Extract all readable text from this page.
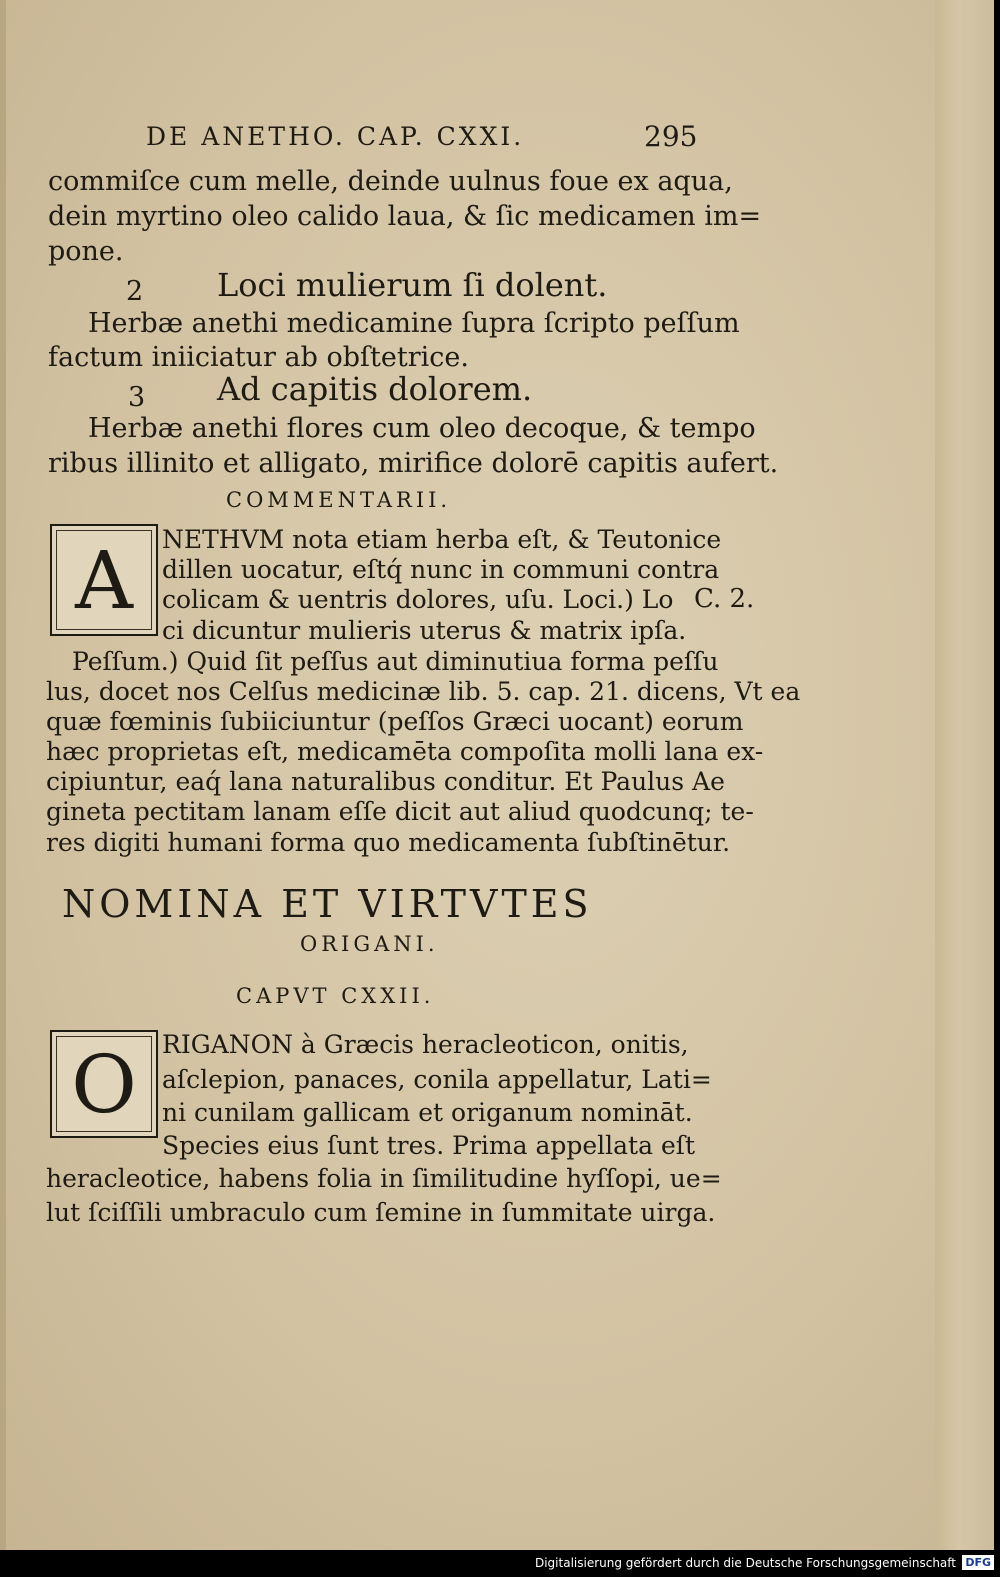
DE ANETHO. CAP. CXXI.	295
commiſce cum melle, deinde uulnus foue ex aqua,
dein myrtino oleo calido laua, & ſic medicamen im=
pone.
2 Loci mulierum ſi dolent.
Herbæ anethi medicamine ſupra ſcripto peſſum
factum iniiciatur ab obſtetrice.
3 Ad capitis dolorem.
Herbæ anethi flores cum oleo decoque, & tempo
ribus illinito et alligato, mirifice dolorē capitis aufert.
COMMENTARII.
A	NETHVM nota etiam herba eſt, & Teutonice
dillen uocatur, eſtq́ nunc in communi contra
colicam & uentris dolores, uſu. Loci.) Lo
ci dicuntur mulieris uterus & matrix ipſa.
Peſſum.) Quid ſit peſſus aut diminutiua forma peſſu
lus, docet nos Celſus medicinæ lib. 5. cap. 21. dicens, Vt ea
quæ fœminis ſubiiciuntur (peſſos Græci uocant) eorum
hæc proprietas eſt, medicamēta compoſita molli lana ex-
cipiuntur, eaq́ lana naturalibus conditur. Et Paulus Ae
gineta pectitam lanam eſſe dicit aut aliud quodcunq; te-
res digiti humani forma quo medicamenta ſubſtinētur.
C. 2.
NOMINA ET VIRTVTES
ORIGANI.
CAPVT CXXII.
O	RIGANON à Græcis heracleoticon, onitis,
aſclepion, panaces, conila appellatur, Lati=
ni cunilam gallicam et origanum nomināt.
Species eius ſunt tres. Prima appellata eſt
heracleotice, habens folia in ſimilitudine hyſſopi, ue=
lut ſciſſili umbraculo cum ſemine in ſummitate uirga.
Digitalisierung gefördert durch die Deutsche Forschungsgemeinschaft DFG
